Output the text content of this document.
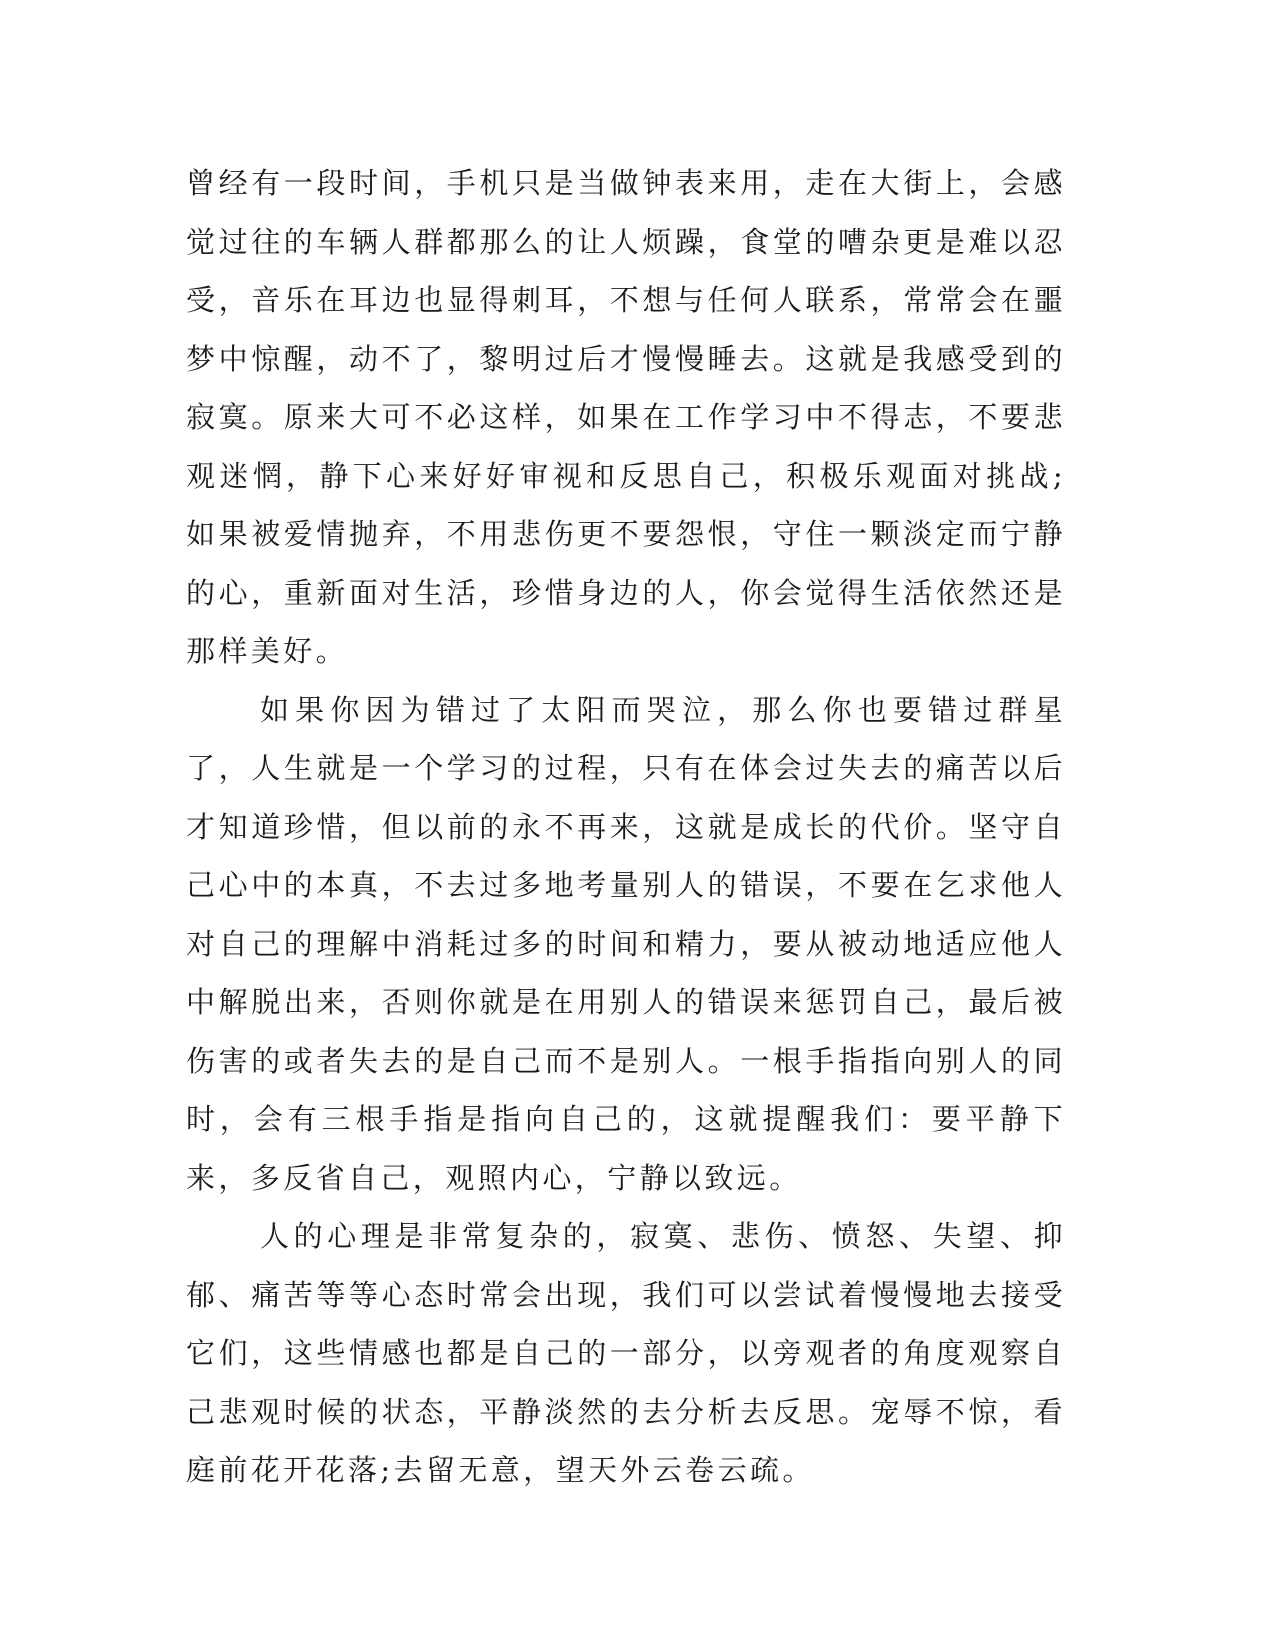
曾经有一段时间，手机只是当做钟表来用，走在大街上，会感觉过往的车辆人群都那么的让人烦躁，食堂的嘈杂更是难以忍受，音乐在耳边也显得刺耳，不想与任何人联系，常常会在噩梦中惊醒，动不了，黎明过后才慢慢睡去。这就是我感受到的寂寞。原来大可不必这样，如果在工作学习中不得志，不要悲观迷惘，静下心来好好审视和反思自己，积极乐观面对挑战;如果被爱情抛弃，不用悲伤更不要怨恨，守住一颗淡定而宁静的心，重新面对生活，珍惜身边的人，你会觉得生活依然还是那样美好。

如果你因为错过了太阳而哭泣，那么你也要错过群星了，人生就是一个学习的过程，只有在体会过失去的痛苦以后才知道珍惜，但以前的永不再来，这就是成长的代价。坚守自己心中的本真，不去过多地考量别人的错误，不要在乞求他人对自己的理解中消耗过多的时间和精力，要从被动地适应他人中解脱出来，否则你就是在用别人的错误来惩罚自己，最后被伤害的或者失去的是自己而不是别人。一根手指指向别人的同时，会有三根手指是指向自己的，这就提醒我们：要平静下来，多反省自己，观照内心，宁静以致远。

人的心理是非常复杂的，寂寞、悲伤、愤怒、失望、抑郁、痛苦等等心态时常会出现，我们可以尝试着慢慢地去接受它们，这些情感也都是自己的一部分，以旁观者的角度观察自己悲观时候的状态，平静淡然的去分析去反思。宠辱不惊，看庭前花开花落;去留无意，望天外云卷云疏。
